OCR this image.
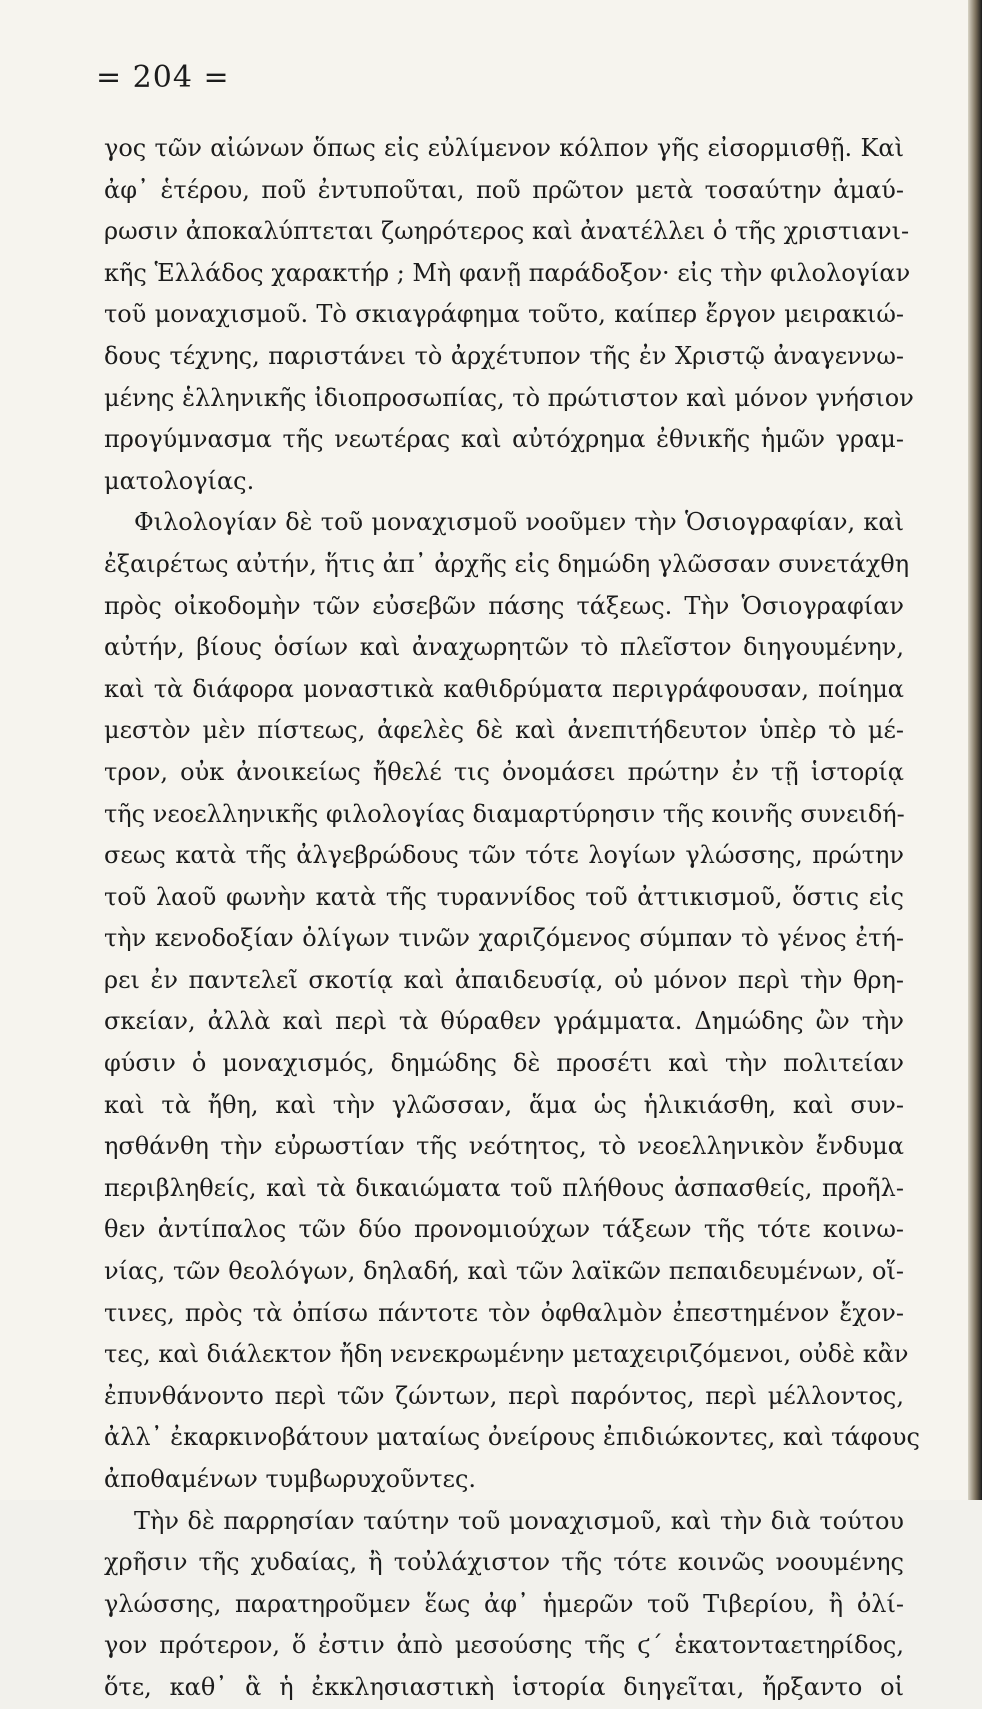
= 204 =
γος τῶν αἰώνων ὅπως εἰς εὐλίμενον κόλπον γῆς εἰσορμισθῇ. Καὶ
ἀφ᾽ ἑτέρου, ποῦ ἐντυποῦται, ποῦ πρῶτον μετὰ τοσαύτην ἀμαύ-
ρωσιν ἀποκαλύπτεται ζωηρότερος καὶ ἀνατέλλει ὁ τῆς χριστιανι-
κῆς Ἑλλάδος χαρακτήρ ; Μὴ φανῇ παράδοξον· εἰς τὴν φιλολογίαν
τοῦ μοναχισμοῦ. Τὸ σκιαγράφημα τοῦτο, καίπερ ἔργον μειρακιώ-
δους τέχνης, παριστάνει τὸ ἀρχέτυπον τῆς ἐν Χριστῷ ἀναγεννω-
μένης ἑλληνικῆς ἰδιοπροσωπίας, τὸ πρώτιστον καὶ μόνον γνήσιον
προγύμνασμα τῆς νεωτέρας καὶ αὐτόχρημα ἐθνικῆς ἡμῶν γραμ-
ματολογίας.
Φιλολογίαν δὲ τοῦ μοναχισμοῦ νοοῦμεν τὴν Ὁσιογραφίαν, καὶ
ἐξαιρέτως αὐτήν, ἥτις ἀπ᾽ ἀρχῆς εἰς δημώδη γλῶσσαν συνετάχθη
πρὸς οἰκοδομὴν τῶν εὐσεβῶν πάσης τάξεως. Τὴν Ὁσιογραφίαν
αὐτήν, βίους ὁσίων καὶ ἀναχωρητῶν τὸ πλεῖστον διηγουμένην,
καὶ τὰ διάφορα μοναστικὰ καθιδρύματα περιγράφουσαν, ποίημα
μεστὸν μὲν πίστεως, ἀφελὲς δὲ καὶ ἀνεπιτήδευτον ὑπὲρ τὸ μέ-
τρον, οὐκ ἀνοικείως ἤθελέ τις ὀνομάσει πρώτην ἐν τῇ ἱστορίᾳ
τῆς νεοελληνικῆς φιλολογίας διαμαρτύρησιν τῆς κοινῆς συνειδή-
σεως κατὰ τῆς ἀλγεβρώδους τῶν τότε λογίων γλώσσης, πρώτην
τοῦ λαοῦ φωνὴν κατὰ τῆς τυραννίδος τοῦ ἀττικισμοῦ, ὅστις εἰς
τὴν κενοδοξίαν ὀλίγων τινῶν χαριζόμενος σύμπαν τὸ γένος ἐτή-
ρει ἐν παντελεῖ σκοτίᾳ καὶ ἀπαιδευσίᾳ, οὐ μόνον περὶ τὴν θρη-
σκείαν, ἀλλὰ καὶ περὶ τὰ θύραθεν γράμματα. Δημώδης ὢν τὴν
φύσιν ὁ μοναχισμός, δημώδης δὲ προσέτι καὶ τὴν πολιτείαν
καὶ τὰ ἤθη, καὶ τὴν γλῶσσαν, ἅμα ὡς ἡλικιάσθη, καὶ συν-
ησθάνθη τὴν εὐρωστίαν τῆς νεότητος, τὸ νεοελληνικὸν ἔνδυμα
περιβληθείς, καὶ τὰ δικαιώματα τοῦ πλήθους ἀσπασθείς, προῆλ-
θεν ἀντίπαλος τῶν δύο προνομιούχων τάξεων τῆς τότε κοινω-
νίας, τῶν θεολόγων, δηλαδή, καὶ τῶν λαϊκῶν πεπαιδευμένων, οἵ-
τινες, πρὸς τὰ ὀπίσω πάντοτε τὸν ὀφθαλμὸν ἐπεστημένον ἔχον-
τες, καὶ διάλεκτον ἤδη νενεκρωμένην μεταχειριζόμενοι, οὐδὲ κἂν
ἐπυνθάνοντο περὶ τῶν ζώντων, περὶ παρόντος, περὶ μέλλοντος,
ἀλλ᾽ ἐκαρκινοβάτουν ματαίως ὀνείρους ἐπιδιώκοντες, καὶ τάφους
ἀποθαμένων τυμβωρυχοῦντες.
Τὴν δὲ παρρησίαν ταύτην τοῦ μοναχισμοῦ, καὶ τὴν διὰ τούτου
χρῆσιν τῆς χυδαίας, ἢ τοὐλάχιστον τῆς τότε κοινῶς νοουμένης
γλώσσης, παρατηροῦμεν ἕως ἀφ᾽ ἡμερῶν τοῦ Τιβερίου, ἢ ὀλί-
γον πρότερον, ὅ ἐστιν ἀπὸ μεσούσης τῆς ϛ´ ἑκατονταετηρίδος,
ὅτε, καθ᾽ ἃ ἡ ἐκκλησιαστικὴ ἱστορία διηγεῖται, ἤρξαντο οἱ
